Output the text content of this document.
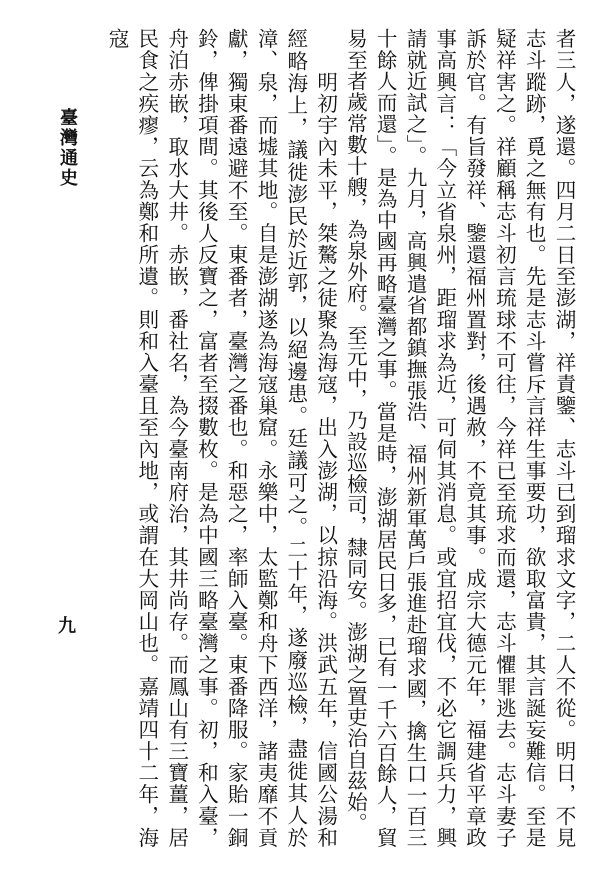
者三人，遂還。四月二日至澎湖，祥責鑒、志斗已到瑠求文字，二人不從。明日，不見志斗蹤跡，覓之無有也。先是志斗嘗斥言祥生事要功，欲取富貴，其言誕妄難信。至是疑祥害之。祥顧稱志斗初言琉球不可往，今祥已至琉求而還，志斗懼罪逃去。志斗妻子訴於官。有旨發祥、鑒還福州置對，後遇赦，不竟其事。成宗大德元年，福建省平章政事高興言：「今立省泉州，距瑠求為近，可伺其消息。或宜招宜伐，不必它調兵力，興請就近試之」。九月，高興遣省都鎮撫張浩、福州新軍萬戶張進赴瑠求國，擒生口一百三十餘人而還」。是為中國再略臺灣之事。當是時，澎湖居民日多，已有一千六百餘人，貿易至者歲常數十艘，為泉外府。至元中，乃設巡檢司，隸同安。澎湖之置吏治自茲始。

　　明初宇內未平，桀驁之徒聚為海寇，出入澎湖，以掠沿海。洪武五年，信國公湯和經略海上，議徙澎民於近郭，以絕邊患。廷議可之。二十年，遂廢巡檢，盡徙其人於漳、泉，而墟其地。自是澎湖遂為海寇巢窟。永樂中，太監鄭和舟下西洋，諸夷靡不貢獻，獨東番遠避不至。東番者，臺灣之番也。和惡之，率師入臺。東番降服。家貽一銅鈴，俾掛項間。其後人反寶之，富者至掇數枚。是為中國三略臺灣之事。初，和入臺，舟泊赤嵌，取水大井。赤嵌，番社名，為今臺南府治，其井尚存。而鳳山有三寶薑，居民食之疾瘳，云為鄭和所遺。則和入臺且至內地，或謂在大岡山也。嘉靖四十二年，海寇

臺灣通史
九
